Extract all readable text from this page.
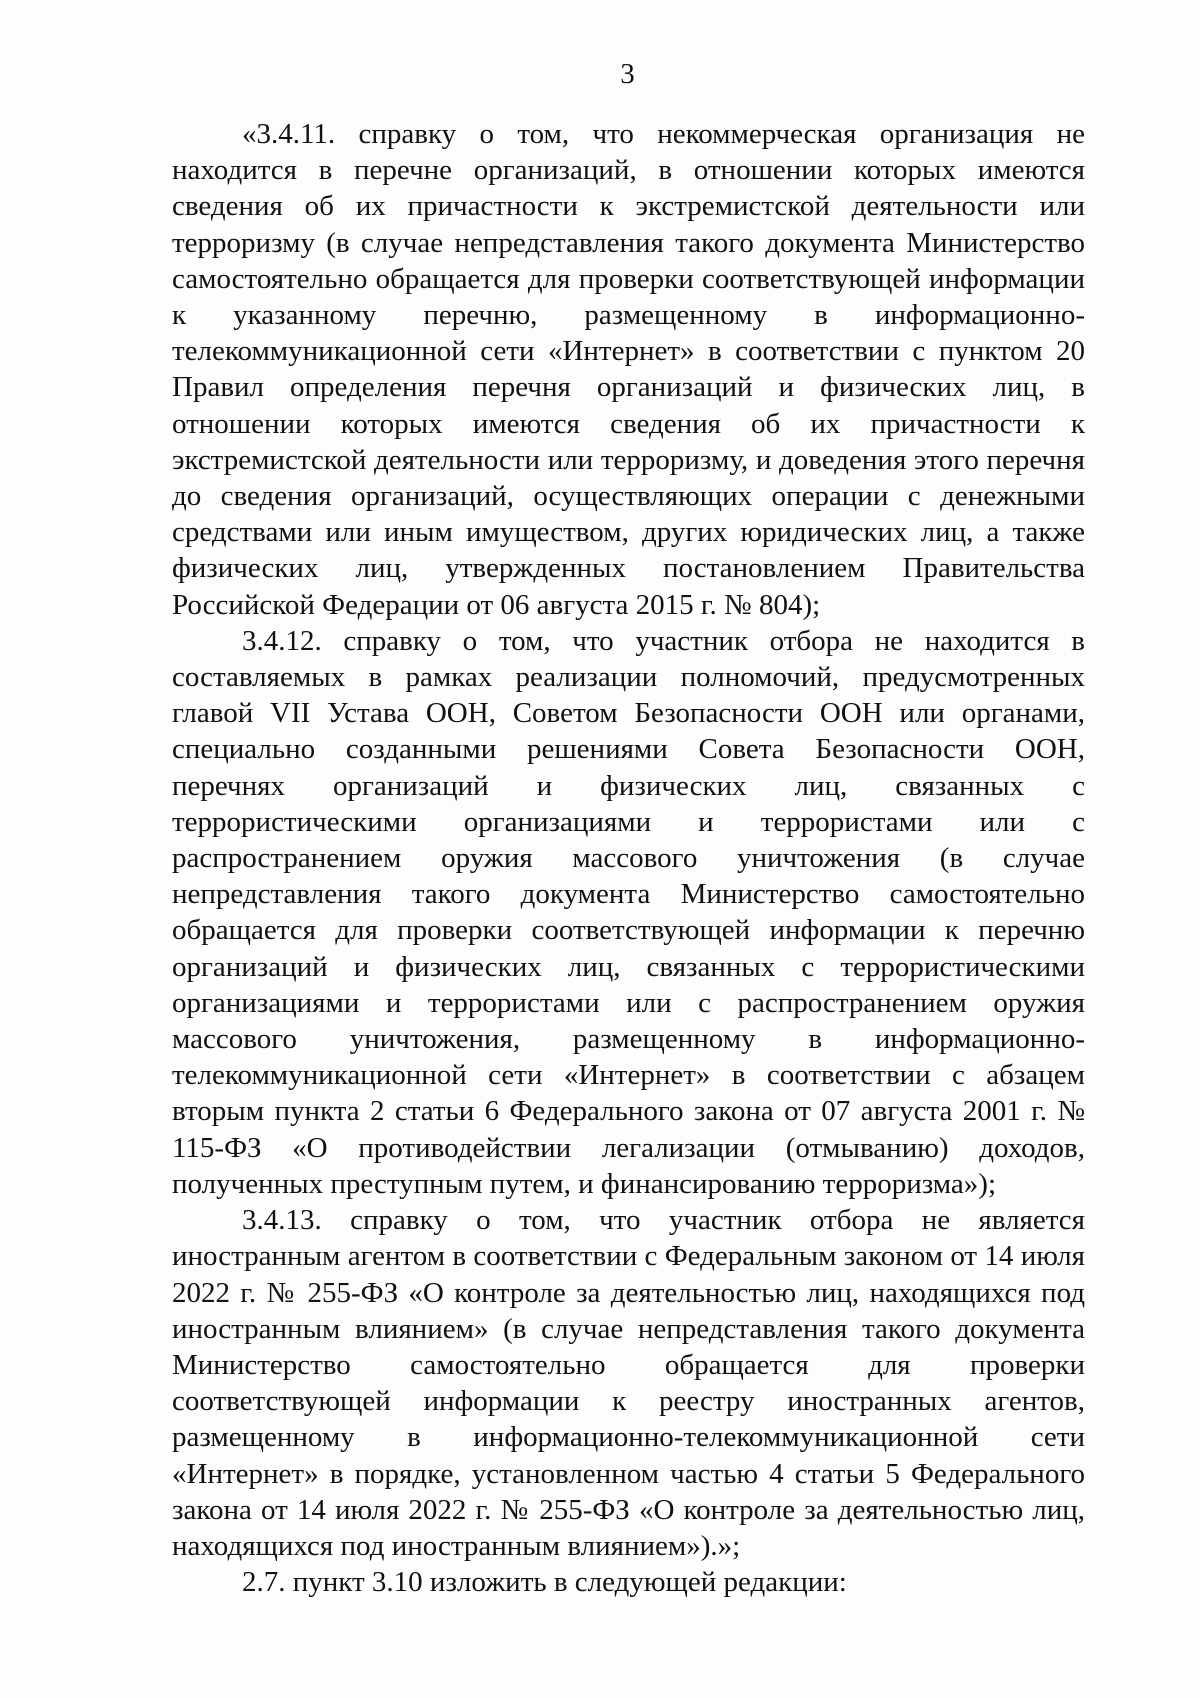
3

«3.4.11. справку о том, что некоммерческая организация не находится в перечне организаций, в отношении которых имеются сведения об их причастности к экстремистской деятельности или терроризму (в случае непредставления такого документа Министерство самостоятельно обращается для проверки соответствующей информации к указанному перечню, размещенному в информационно-телекоммуникационной сети «Интернет» в соответствии с пунктом 20 Правил определения перечня организаций и физических лиц, в отношении которых имеются сведения об их причастности к экстремистской деятельности или терроризму, и доведения этого перечня до сведения организаций, осуществляющих операции с денежными средствами или иным имуществом, других юридических лиц, а также физических лиц, утвержденных постановлением Правительства Российской Федерации от 06 августа 2015 г. № 804);

3.4.12. справку о том, что участник отбора не находится в составляемых в рамках реализации полномочий, предусмотренных главой VII Устава ООН, Советом Безопасности ООН или органами, специально созданными решениями Совета Безопасности ООН, перечнях организаций и физических лиц, связанных с террористическими организациями и террористами или с распространением оружия массового уничтожения (в случае непредставления такого документа Министерство самостоятельно обращается для проверки соответствующей информации к перечню организаций и физических лиц, связанных с террористическими организациями и террористами или с распространением оружия массового уничтожения, размещенному в информационно-телекоммуникационной сети «Интернет» в соответствии с абзацем вторым пункта 2 статьи 6 Федерального закона от 07 августа 2001 г. № 115-ФЗ «О противодействии легализации (отмыванию) доходов, полученных преступным путем, и финансированию терроризма»);

3.4.13. справку о том, что участник отбора не является иностранным агентом в соответствии с Федеральным законом от 14 июля 2022 г. № 255-ФЗ «О контроле за деятельностью лиц, находящихся под иностранным влиянием» (в случае непредставления такого документа Министерство самостоятельно обращается для проверки соответствующей информации к реестру иностранных агентов, размещенному в информационно-телекоммуникационной сети «Интернет» в порядке, установленном частью 4 статьи 5 Федерального закона от 14 июля 2022 г. № 255-ФЗ «О контроле за деятельностью лиц, находящихся под иностранным влиянием»).»;

2.7. пункт 3.10 изложить в следующей редакции:
